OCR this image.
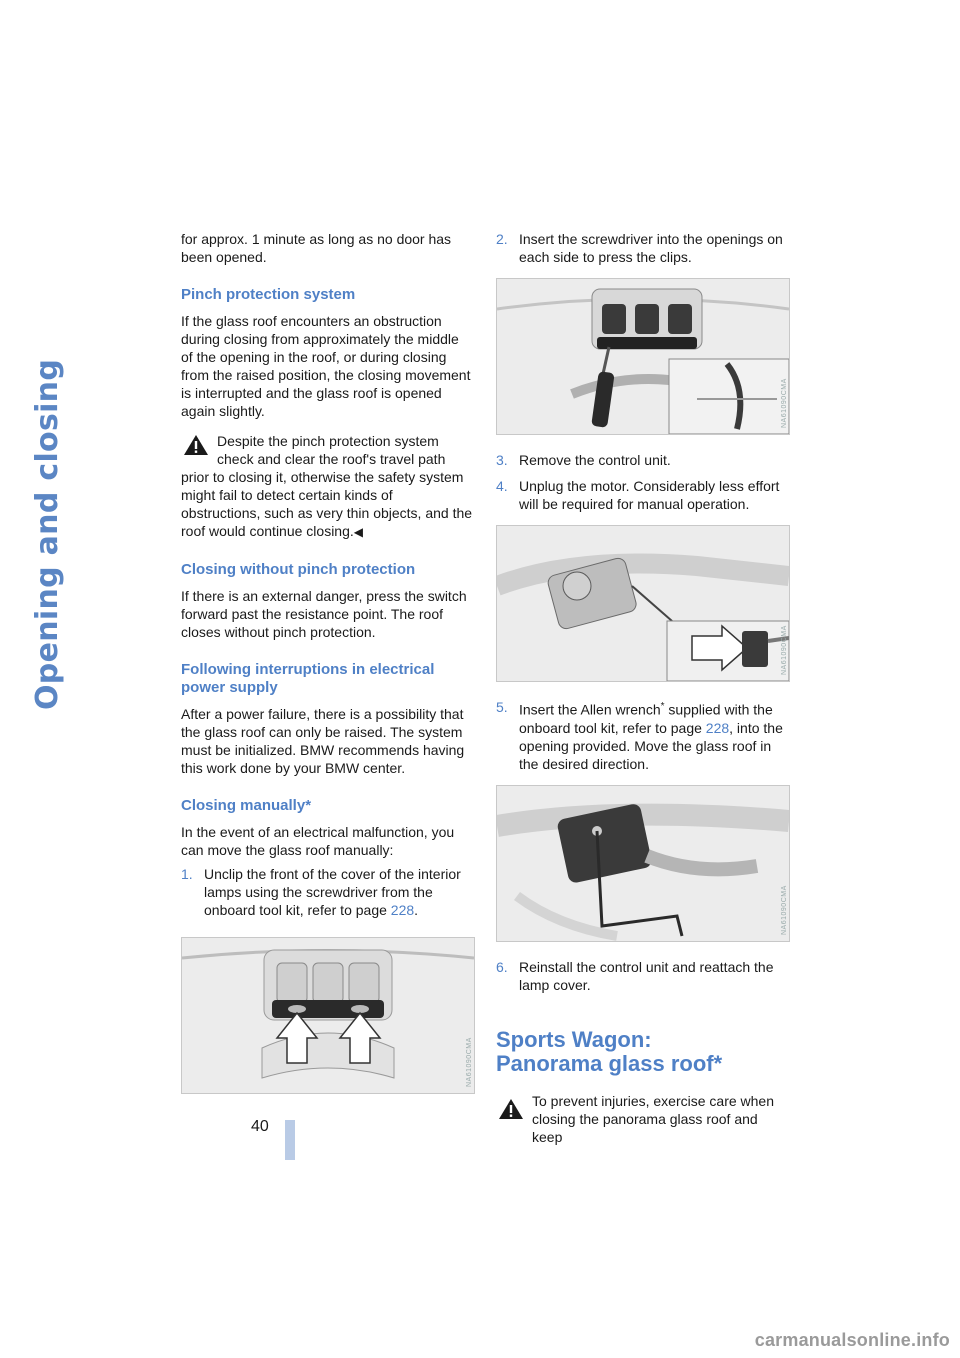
Opening and closing
40
carmanualsonline.info

for approx. 1 minute as long as no door has been opened.

Pinch protection system

If the glass roof encounters an obstruction during closing from approximately the middle of the opening in the roof, or during closing from the raised position, the closing movement is interrupted and the glass roof is opened again slightly.

Despite the pinch protection system check and clear the roof's travel path prior to closing it, otherwise the safety system might fail to detect certain kinds of obstructions, such as very thin objects, and the roof would continue closing.◀

Closing without pinch protection

If there is an external danger, press the switch forward past the resistance point. The roof closes without pinch protection.

Following interruptions in electrical power supply

After a power failure, there is a possibility that the glass roof can only be raised. The system must be initialized. BMW recommends having this work done by your BMW center.

Closing manually*

In the event of an electrical malfunction, you can move the glass roof manually:

1. Unclip the front of the cover of the interior lamps using the screwdriver from the onboard tool kit, refer to page 228.
NA61090CMA
2. Insert the screwdriver into the openings on each side to press the clips.
NA61090CMA
3. Remove the control unit.
4. Unplug the motor. Considerably less effort will be required for manual operation.
NA61090CMA
5. Insert the Allen wrench* supplied with the onboard tool kit, refer to page 228, into the opening provided. Move the glass roof in the desired direction.
NA61090CMA
6. Reinstall the control unit and reattach the lamp cover.
Sports Wagon:
Panorama glass roof*

To prevent injuries, exercise care when closing the panorama glass roof and keep
